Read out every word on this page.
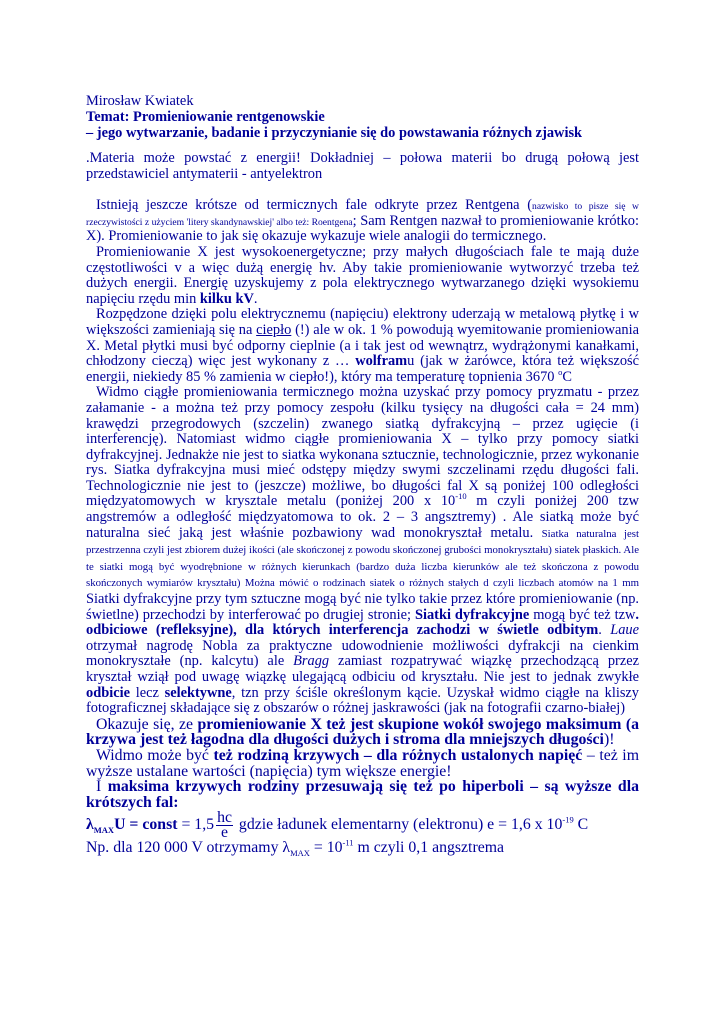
Mirosław Kwiatek
Temat: Promieniowanie rentgenowskie
– jego wytwarzanie, badanie i przyczynianie się do powstawania różnych zjawisk

.Materia może powstać z energii! Dokładniej – połowa materii bo drugą połową jest przedstawiciel antymaterii - antyelektron

Istnieją jeszcze krótsze od termicznych fale odkryte przez Rentgena (nazwisko to pisze się w rzeczywistości z użyciem 'litery skandynawskiej' albo też: Roentgena; Sam Rentgen nazwał to promieniowanie krótko: X). Promieniowanie to jak się okazuje wykazuje wiele analogii do termicznego.

Promieniowanie X jest wysokoenergetyczne; przy małych długościach fale te mają duże częstotliwości v a więc dużą energię hv. Aby takie promieniowanie wytworzyć trzeba też dużych energii. Energię uzyskujemy z pola elektrycznego wytwarzanego dzięki wysokiemu napięciu rzędu min kilku kV.

Rozpędzone dzięki polu elektrycznemu (napięciu) elektrony uderzają w metalową płytkę i w większości zamieniają się na ciepło (!) ale w ok. 1 % powodują wyemitowanie promieniowania X. Metal płytki musi być odporny cieplnie (a i tak jest od wewnątrz, wydrążonymi kanałkami, chłodzony cieczą) więc jest wykonany z … wolframu (jak w żarówce, która też większość energii, niekiedy 85 % zamienia w ciepło!), który ma temperaturę topnienia 3670 $^o$C

Widmo ciągłe promieniowania termicznego można uzyskać przy pomocy pryzmatu - przez załamanie - a można też przy pomocy zespołu (kilku tysięcy na długości cała = 24 mm) krawędzi przegrodowych (szczelin) zwanego siatką dyfrakcyjną – przez ugięcie (i interferencję). Natomiast widmo ciągłe promieniowania X – tylko przy pomocy siatki dyfrakcyjnej. Jednakże nie jest to siatka wykonana sztucznie, technologicznie, przez wykonanie rys. Siatka dyfrakcyjna musi mieć odstępy między swymi szczelinami rzędu długości fali. Technologicznie nie jest to (jeszcze) możliwe, bo długości fal X są poniżej 100 odległości międzyatomowych w krysztale metalu (poniżej 200 x $10^{-10}$ m czyli poniżej 200 tzw angstremów a odległość międzyatomowa to ok. 2 – 3 angsztremy) . Ale siatką może być naturalna sieć jaką jest właśnie pozbawiony wad monokryształ metalu. Siatka naturalna jest przestrzenna czyli jest zbiorem dużej ikości (ale skończonej z powodu skończonej grubości monokryształu) siatek płaskich. Ale te siatki mogą być wyodrębnione w różnych kierunkach (bardzo duża liczba kierunków ale też skończona z powodu skończonych wymiarów kryształu) Można mówić o rodzinach siatek o różnych stałych d czyli liczbach atomów na 1 mm Siatki dyfrakcyjne przy tym sztuczne mogą być nie tylko takie przez które promieniowanie (np. świetlne) przechodzi by interferować po drugiej stronie; Siatki dyfrakcyjne mogą być też tzw. odbiciowe (refleksyjne), dla których interferencja zachodzi w świetle odbitym. Laue otrzymał nagrodę Nobla za praktyczne udowodnienie możliwości dyfrakcji na cienkim monokryształe (np. kalcytu) ale Bragg zamiast rozpatrywać wiązkę przechodzącą przez kryształ wziął pod uwagę wiązkę ulegającą odbiciu od kryształu. Nie jest to jednak zwykłe odbicie lecz selektywne, tzn przy ściśle określonym kącie. Uzyskał widmo ciągłe na kliszy fotograficznej składające się z obszarów o różnej jaskrawości (jak na fotografii czarno-białej)

Okazuje się, ze promieniowanie X też jest skupione wokół swojego maksimum (a krzywa jest też łagodna dla długości dużych i stroma dla mniejszych długości)!

Widmo może być też rodziną krzywych – dla różnych ustalonych napięć – też im wyższe ustalane wartości (napięcia) tym większe energie!

I maksima krzywych rodziny przesuwają się też po hiperboli – są wyższe dla krótszych fal:

$\lambda_{MAX}U$ = const = $1,5 \frac{hc}{e}$ gdzie ładunek elementarny (elektronu) e = 1,6 x $10^{-19}$ C

Np. dla 120 000 V otrzymamy $\lambda_{MAX} = 10^{-11}$ m czyli 0,1 angsztrema
